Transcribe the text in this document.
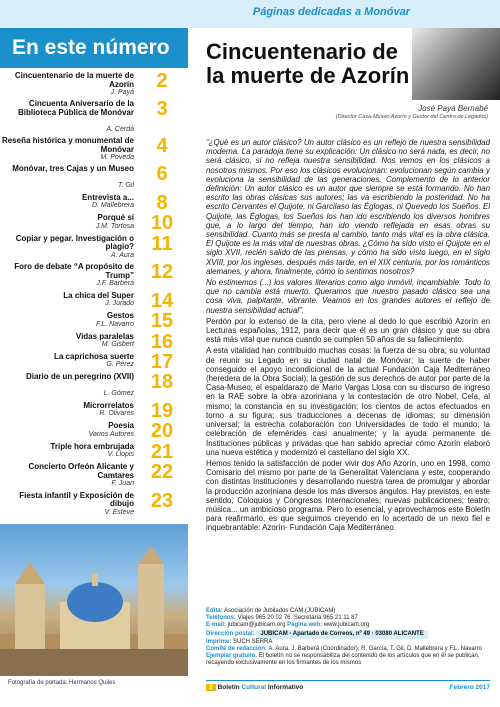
Páginas dedicadas a Monóvar
En este número
Cincuentenario de la muerte de Azorín
J. Payá
2
Cincuenta Aniversario de la Biblioteca Pública de Monóvar
A. Cerdá
3
Reseña histórica y monumental de Monóvar
M. Poveda
4
Monóvar, tres Cajas y un Museo
T. Gil
6
Entrevista a...
D. Mallebrera	8
Porqué sí
J.M. Tortosa 10
Copiar y pegar. Investigación o plagio?
A. Aura
11
Foro de debate “A propósito de Trump”
J.F. Barberá
12
La chica del Super
J. Jurado 14
Gestos
F.L. Navarro 15
Vidas paralelas
M. Gisbert 16
La caprichosa suerte
G. Pérez 17
Diario de un peregrino (XVII)
L. Gómez
18
Microrrelatos
R. Olivares 19
Poesía
Varios Autores 20
Triple hora embrujada
V. Llopis 21
Concierto Orfeón Alicante y Camtares
F. Juan
22
Fiesta infantil y Exposición de dibujo
V. Esteve
23
Fotografía de portada: Hermanos Quiles
Cincuentenario de la muerte de Azorín
José Payá Bernabé
(Director Casa-Museo Azorín y Gestor del Centro de Legados)

“¿Qué es un autor clásico? Un autor clásico es un reflejo de nuestra sensibilidad moderna. La paradoja tiene su explicación: Un clásico no será nada, es decir, no será clásico, si no refleja nuestra sensibilidad. Nos vemos en los clásicos a nosotros mismos. Por eso los clásicos evolucionan: evolucionan según cambia y evoluciona la sensibilidad de las generaciones. Complemento de lo anterior definición: Un autor clásico es un autor que siempre se está formando. No han escrito las obras clásicas sus autores; las va escribiendo la posteridad. No ha escrito Cervantes el Quijote, ni Garcilaso las Églogas, ni Quevedo los Sueños. El Quijote, las Églogas, los Sueños los han ido escribiendo los diversos hombres que, a lo largo del tiempo, han ido viendo reflejada en esas obras su sensibilidad. Cuanto más se presta al cambio, tanto más vital es la obra clásica. El Quijote es la más vital de nuestras obras. ¿Cómo ha sido visto el Quijote en el siglo XVII, recién salido de las prensas, y cómo ha sido visto luego, en el siglo XVIII, por los ingleses, después más tarde, en el XIX centuria, por los románticos alemanes, y ahora, finalmente, cómo lo sentimos nosotros?

No estimemos (...) los valores literarios como algo inmóvil, incambiable. Todo lo que no cambia está muerto. Queramos que nuestro pasado clásico sea una cosa viva, palpitante, vibrante. Veamos en los grandes autores el reflejo de nuestra sensibilidad actual”.

Perdón por lo extenso de la cita, pero viene al dedo lo que escribió Azorín en Lecturas españolas, 1912, para decir que él es un gran clásico y que su obra está más vital que nunca cuando se cumplen 50 años de su fallecimiento.

A esta vitalidad han contribuido muchas cosas: la fuerza de su obra; su voluntad de reunir su Legado en su ciudad natal de Monóvar; la suerte de haber conseguido el apoyo incondicional de la actual Fundación Caja Mediterráneo (heredera de la Obra Social); la gestión de sus derechos de autor por parte de la Casa-Museo; el espaldarazo de Mario Vargas Llosa con su discurso de ingreso en la RAE sobre la obra azoriniana y la contestación de otro Nobel, Cela, al mismo; la constancia en su investigación; los cientos de actos efectuados en torno a su figura; sus traducciones a decenas de idiomas; su dimensión universal; la estrecha colaboración con Universidades de todo el mundo; la celebración de efemérides casi anualmente; y la ayuda permanente de Instituciones públicas y privadas que han sabido apreciar cómo Azorín elaboró una nueva estética y modernizó el castellano del siglo XX.

Hemos tenido la satisfacción de poder vivir dos Año Azorín, uno en 1998, como Comisario del mismo por parte de la Generalitat Valenciana y este, cooperando con distintas Instituciones y desarrollando nuestra tarea de promulgar y abordar la producción azoriniana desde los más diversos ángulos. Hay previstos, en este sentido, Coloquios y Congresos Internacionales; nuevas publicaciones; teatro; música... un ambicioso programa. Pero lo esencial, y aprovechamos este Boletín para reafirmarlo, es que seguimos creyendo en lo acertado de un nexo fiel e inquebrantable: Azorín- Fundación Caja Mediterráneo.

Edita: Asociación de Jubilados CAM (JUBICAM)
Teléfonos: Viajes 965 20 02 76. Secretaría 965 21 11 87
E-mail: jubicam@jubicam.org Página web: www.jubicam.org
Dirección postal: JUBICAM - Apartado de Correos, nº 49 · 03080 ALICANTE
Imprime: SUCH SERRA
Comité de redacción: A. Aura, J. Barberá (Coordinador), R. García, T. Gil, D. Mallebrera y F.L. Navarro
Ejemplar gratuito. El boletín no se responsabiliza del contenido de los artículos que en él se publican, recayendo exclusivamente en los firmantes de los mismos
2 Boletín Cultural Informativo	Febrero 2017
